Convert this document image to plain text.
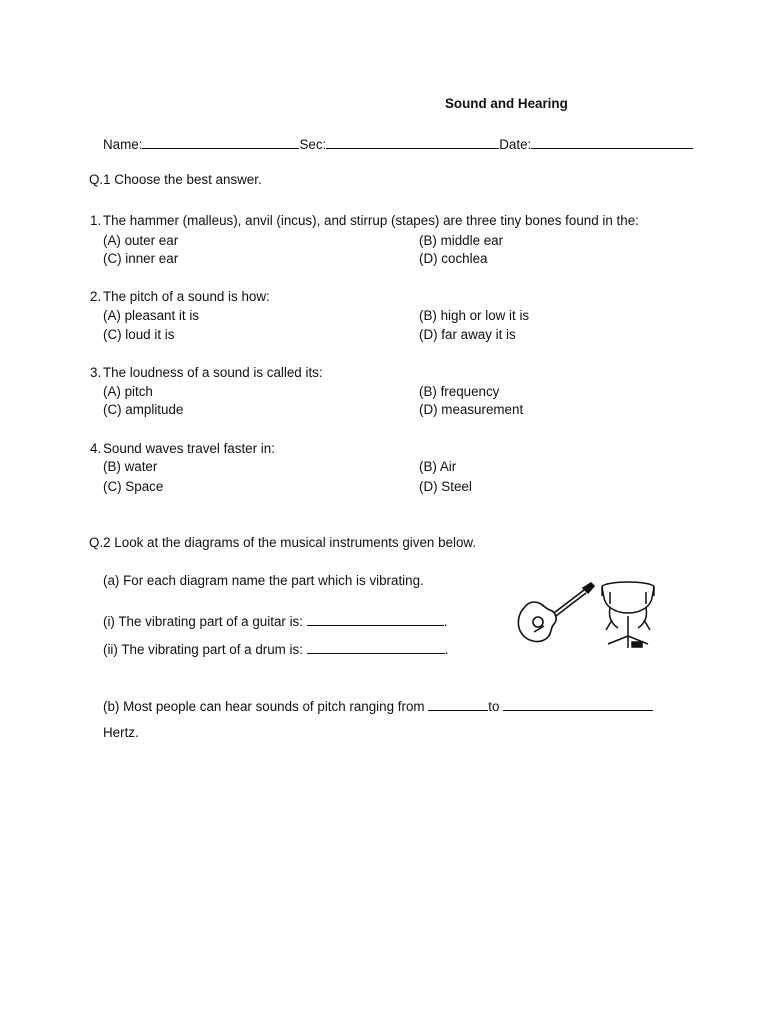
Sound and Hearing
Name:	Sec:	Date:
Q.1 Choose the best answer.
1. The hammer (malleus), anvil (incus), and stirrup (stapes) are three tiny bones found in the:
(A) outer ear	(B) middle ear
(C) inner ear	(D) cochlea
2. The pitch of a sound is how:
(A) pleasant it is	(B) high or low it is
(C) loud it is	(D) far away it is
3. The loudness of a sound is called its:
(A) pitch	(B) frequency
(C) amplitude	(D) measurement
4. Sound waves travel faster in:
(B) water	(B) Air
(C) Space	(D) Steel
Q.2 Look at the diagrams of the musical instruments given below.
(a) For each diagram name the part which is vibrating.
(i) The vibrating part of a guitar is:	.
(ii) The vibrating part of a drum is:	.
(b) Most people can hear sounds of pitch ranging from	to
Hertz.
